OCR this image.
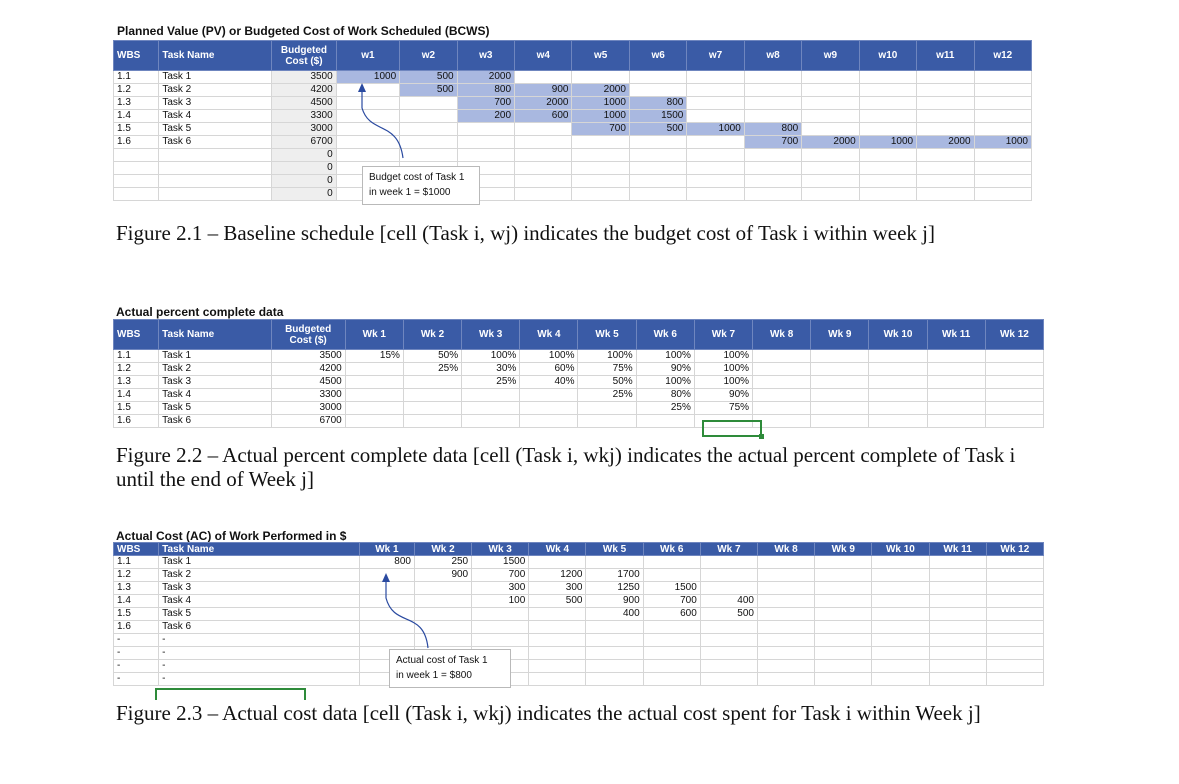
Planned Value (PV) or Budgeted Cost of Work Scheduled (BCWS)
WBS	Task Name	Budgeted Cost ($)	w1	w2	w3	w4	w5	w6	w7	w8	w9	w10	w11	w12
1.1	Task 1	3500	1000	500	2000									
1.2	Task 2	4200		500	800	900	2000							
1.3	Task 3	4500			700	2000	1000	800						
1.4	Task 4	3300			200	600	1000	1500						
1.5	Task 5	3000					700	500	1000	800				
1.6	Task 6	6700								700	2000	1000	2000	1000
		0												
		0												
		0												
		0												
Budget cost of Task 1
in week 1 = $1000
Figure 2.1 – Baseline schedule [cell (Task i, wj) indicates the budget cost of Task i within week j]
Actual percent complete data
WBS	Task Name	Budgeted Cost ($)	Wk 1	Wk 2	Wk 3	Wk 4	Wk 5	Wk 6	Wk 7	Wk 8	Wk 9	Wk 10	Wk 11	Wk 12
1.1	Task 1	3500	15%	50%	100%	100%	100%	100%	100%					
1.2	Task 2	4200		25%	30%	60%	75%	90%	100%					
1.3	Task 3	4500			25%	40%	50%	100%	100%					
1.4	Task 4	3300					25%	80%	90%					
1.5	Task 5	3000						25%	75%					
1.6	Task 6	6700												
Figure 2.2 – Actual percent complete data [cell (Task i, wkj) indicates the actual percent complete of Task i until the end of Week j]
Actual Cost (AC) of Work Performed in $
WBS	Task Name	Wk 1	Wk 2	Wk 3	Wk 4	Wk 5	Wk 6	Wk 7	Wk 8	Wk 9	Wk 10	Wk 11	Wk 12
1.1	Task 1	800	250	1500									
1.2	Task 2		900	700	1200	1700							
1.3	Task 3			300	300	1250	1500						
1.4	Task 4			100	500	900	700	400					
1.5	Task 5					400	600	500					
1.6	Task 6												
-	-												
-	-												
-	-												
-	-												
Actual cost of Task 1
in week 1 = $800
Figure 2.3 – Actual cost data [cell (Task i, wkj) indicates the actual cost spent for Task i within Week j]
